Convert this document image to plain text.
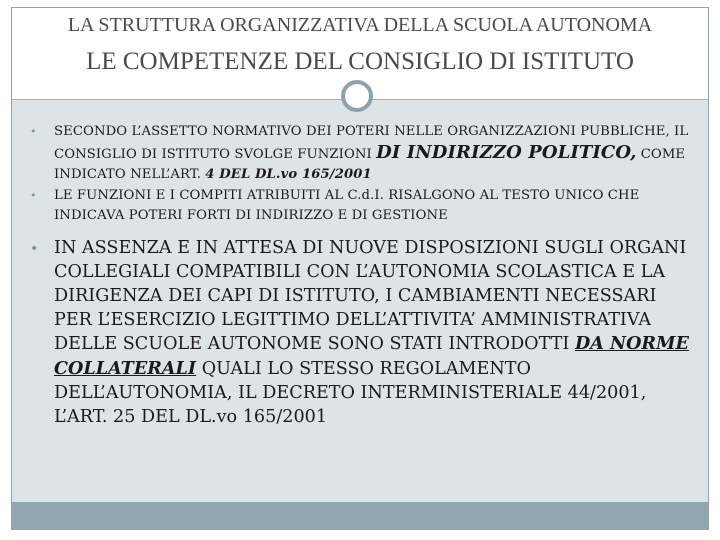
LA STRUTTURA ORGANIZZATIVA DELLA SCUOLA AUTONOMA
LE COMPETENZE DEL CONSIGLIO DI ISTITUTO
• SECONDO L’ASSETTO NORMATIVO DEI POTERI NELLE ORGANIZZAZIONI PUBBLICHE, IL CONSIGLIO DI ISTITUTO SVOLGE FUNZIONI DI INDIRIZZO POLITICO, COME INDICATO NELL’ART. 4 DEL DL.vo 165/2001
• LE FUNZIONI E I COMPITI ATRIBUITI AL C.d.I. RISALGONO AL TESTO UNICO CHE INDICAVA POTERI FORTI DI INDIRIZZO E DI GESTIONE
• IN ASSENZA E IN ATTESA DI NUOVE DISPOSIZIONI SUGLI ORGANI COLLEGIALI COMPATIBILI CON L’AUTONOMIA SCOLASTICA E LA DIRIGENZA DEI CAPI DI ISTITUTO, I CAMBIAMENTI NECESSARI PER L’ESERCIZIO LEGITTIMO DELL’ATTIVITA’ AMMINISTRATIVA DELLE SCUOLE AUTONOME SONO STATI INTRODOTTI DA NORME COLLATERALI QUALI LO STESSO REGOLAMENTO DELL’AUTONOMIA, IL DECRETO INTERMINISTERIALE 44/2001, L’ART. 25 DEL DL.vo 165/2001
